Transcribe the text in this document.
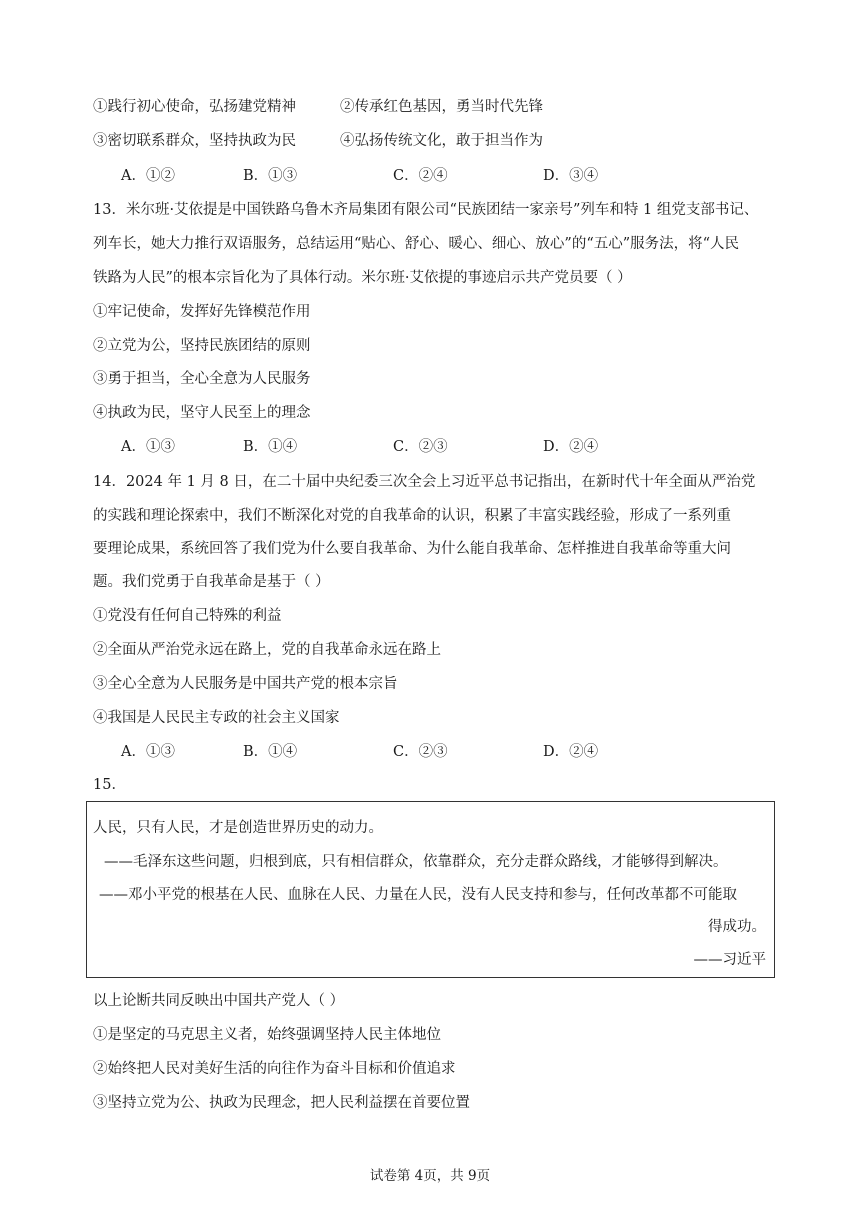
①践行初心使命，弘扬建党精神	②传承红色基因，勇当时代先锋
③密切联系群众，坚持执政为民	④弘扬传统文化，敢于担当作为
A．①②	B．①③	C．②④	D．③④
13．米尔班·艾依提是中国铁路乌鲁木齐局集团有限公司“民族团结一家亲号”列车和特 1 组党支部书记、
列车长，她大力推行双语服务，总结运用“贴心、舒心、暖心、细心、放心”的“五心”服务法，将“人民
铁路为人民”的根本宗旨化为了具体行动。米尔班·艾依提的事迹启示共产党员要（ ）
①牢记使命，发挥好先锋模范作用
②立党为公，坚持民族团结的原则
③勇于担当，全心全意为人民服务
④执政为民，坚守人民至上的理念
A．①③	B．①④	C．②③	D．②④
14．2024 年 1 月 8 日，在二十届中央纪委三次全会上习近平总书记指出，在新时代十年全面从严治党
的实践和理论探索中，我们不断深化对党的自我革命的认识，积累了丰富实践经验，形成了一系列重
要理论成果，系统回答了我们党为什么要自我革命、为什么能自我革命、怎样推进自我革命等重大问
题。我们党勇于自我革命是基于（ ）
①党没有任何自己特殊的利益
②全面从严治党永远在路上，党的自我革命永远在路上
③全心全意为人民服务是中国共产党的根本宗旨
④我国是人民民主专政的社会主义国家
A．①③	B．①④	C．②③	D．②④
15．
人民，只有人民，才是创造世界历史的动力。
——毛泽东这些问题，归根到底，只有相信群众，依靠群众，充分走群众路线，才能够得到解决。
——邓小平党的根基在人民、血脉在人民、力量在人民，没有人民支持和参与，任何改革都不可能取
得成功。
——习近平
以上论断共同反映出中国共产党人（ ）
①是坚定的马克思主义者，始终强调坚持人民主体地位
②始终把人民对美好生活的向往作为奋斗目标和价值追求
③坚持立党为公、执政为民理念，把人民利益摆在首要位置
试卷第 4页，共 9页
